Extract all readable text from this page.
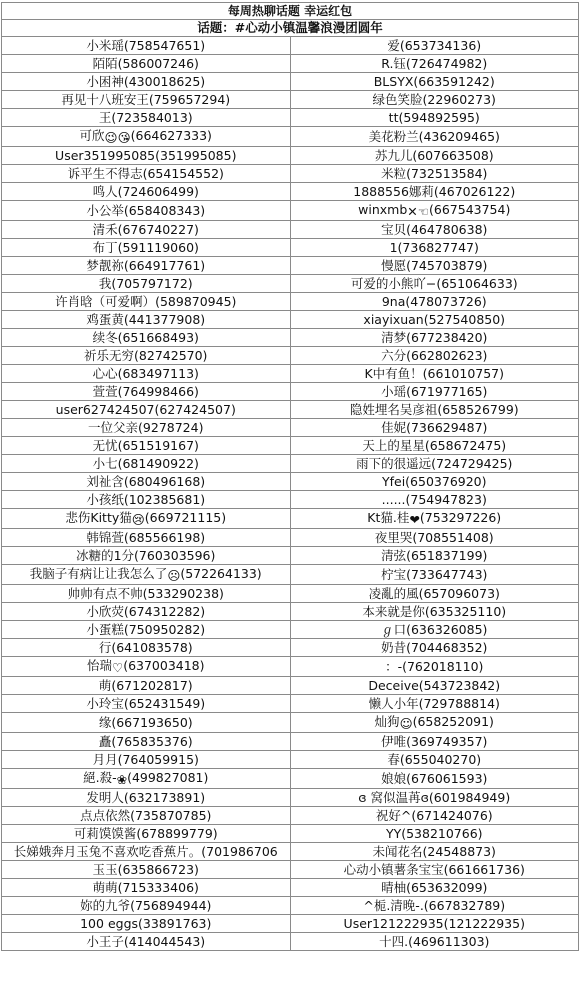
每周热聊话题 幸运红包	
话题：#心动小镇温馨浪漫团圆年	
小米瑶(758547651)	爱(653734136)
陌陌(586007246)	R.钰(726474982)
小困神(430018625)	BLSYX(663591242)
再见十八班安王(759657294)	绿色笑脸(22960273)
王(723584013)	tt(594892595)
可欣😉😘(664627333)	美花粉兰(436209465)
User351995085(351995085)	苏九儿(607663508)
诉平生不得志(654154552)	米粒(732513584)
鸣人(724606499)	1888556娜莉(467026122)
小公举(658408343)	winxmb✕☜(667543754)
清禾(676740227)	宝贝(464780638)
布丁(591119060)	1(736827747)
梦靓祢(664917761)	慢愿(745703879)
我(705797172)	可爱的小熊吖−(651064633)
许肖晗（可爱啊）(589870945)	9na(478073726)
鸡蛋黄(441377908)	xiayixuan(527540850)
续冬(651668493)	清梦(677238420)
祈乐无穷(82742570)	六分(662802623)
心心(683497113)	K中有鱼！(661010757)
萱萱(764998466)	小瑶(671977165)
user627424507(627424507)	隐姓埋名吴彦祖(658526799)
一位父亲(9278724)	佳妮(736629487)
无忧(651519167)	天上的星星(658672475)
小七(681490922)	雨下的很遥远(724729425)
刘祉含(680496168)	Yfei(650376920)
小孩纸(102385681)	......(754947823)
悲伤Kitty猫😢(669721115)	Kt猫.桂❤(753297226)
韩锦萱(685566198)	夜里哭(708551408)
冰糖的1分(760303596)	清弦(651837199)
我脑子有病让让我怎么了☹(572264133)	柠宝(733647743)
帅帅有点不帅(533290238)	凌亂的風(657096073)
小欣荧(674312282)	本来就是你(635325110)
小蛋糕(750950282)	ℊ口(636326085)
行(641083578)	奶昔(704468352)
怡瑞♡(637003418)	：-(762018110)
萌(671202817)	Deceive(543723842)
小玲宝(652431549)	懒人小年(729788814)
缘(667193650)	灿狗☺(658252091)
矗(765835376)	伊唯(369749357)
月月(764059915)	春(655040270)
絕.殺-❀(499827081)	娘娘(676061593)
发明人(632173891)	ɞ 窝似温苒ɞ(601984949)
点点依然(735870785)	祝好^(671424076)
可莉馍馍酱(678899779)	YY(538210766)
长娣娥奔月玉兔不喜欢吃香蕉片。(701986706	未闻花名(24548873)
玉玉(635866723)	心动小镇薯条宝宝(661661736)
萌萌(715333406)	晴柚(653632099)
妳的九爷(756894944)	^栀.清晚-.(667832789)
100 eggs(33891763)	User121222935(121222935)
小王子(414044543)	十四.(469611303)
